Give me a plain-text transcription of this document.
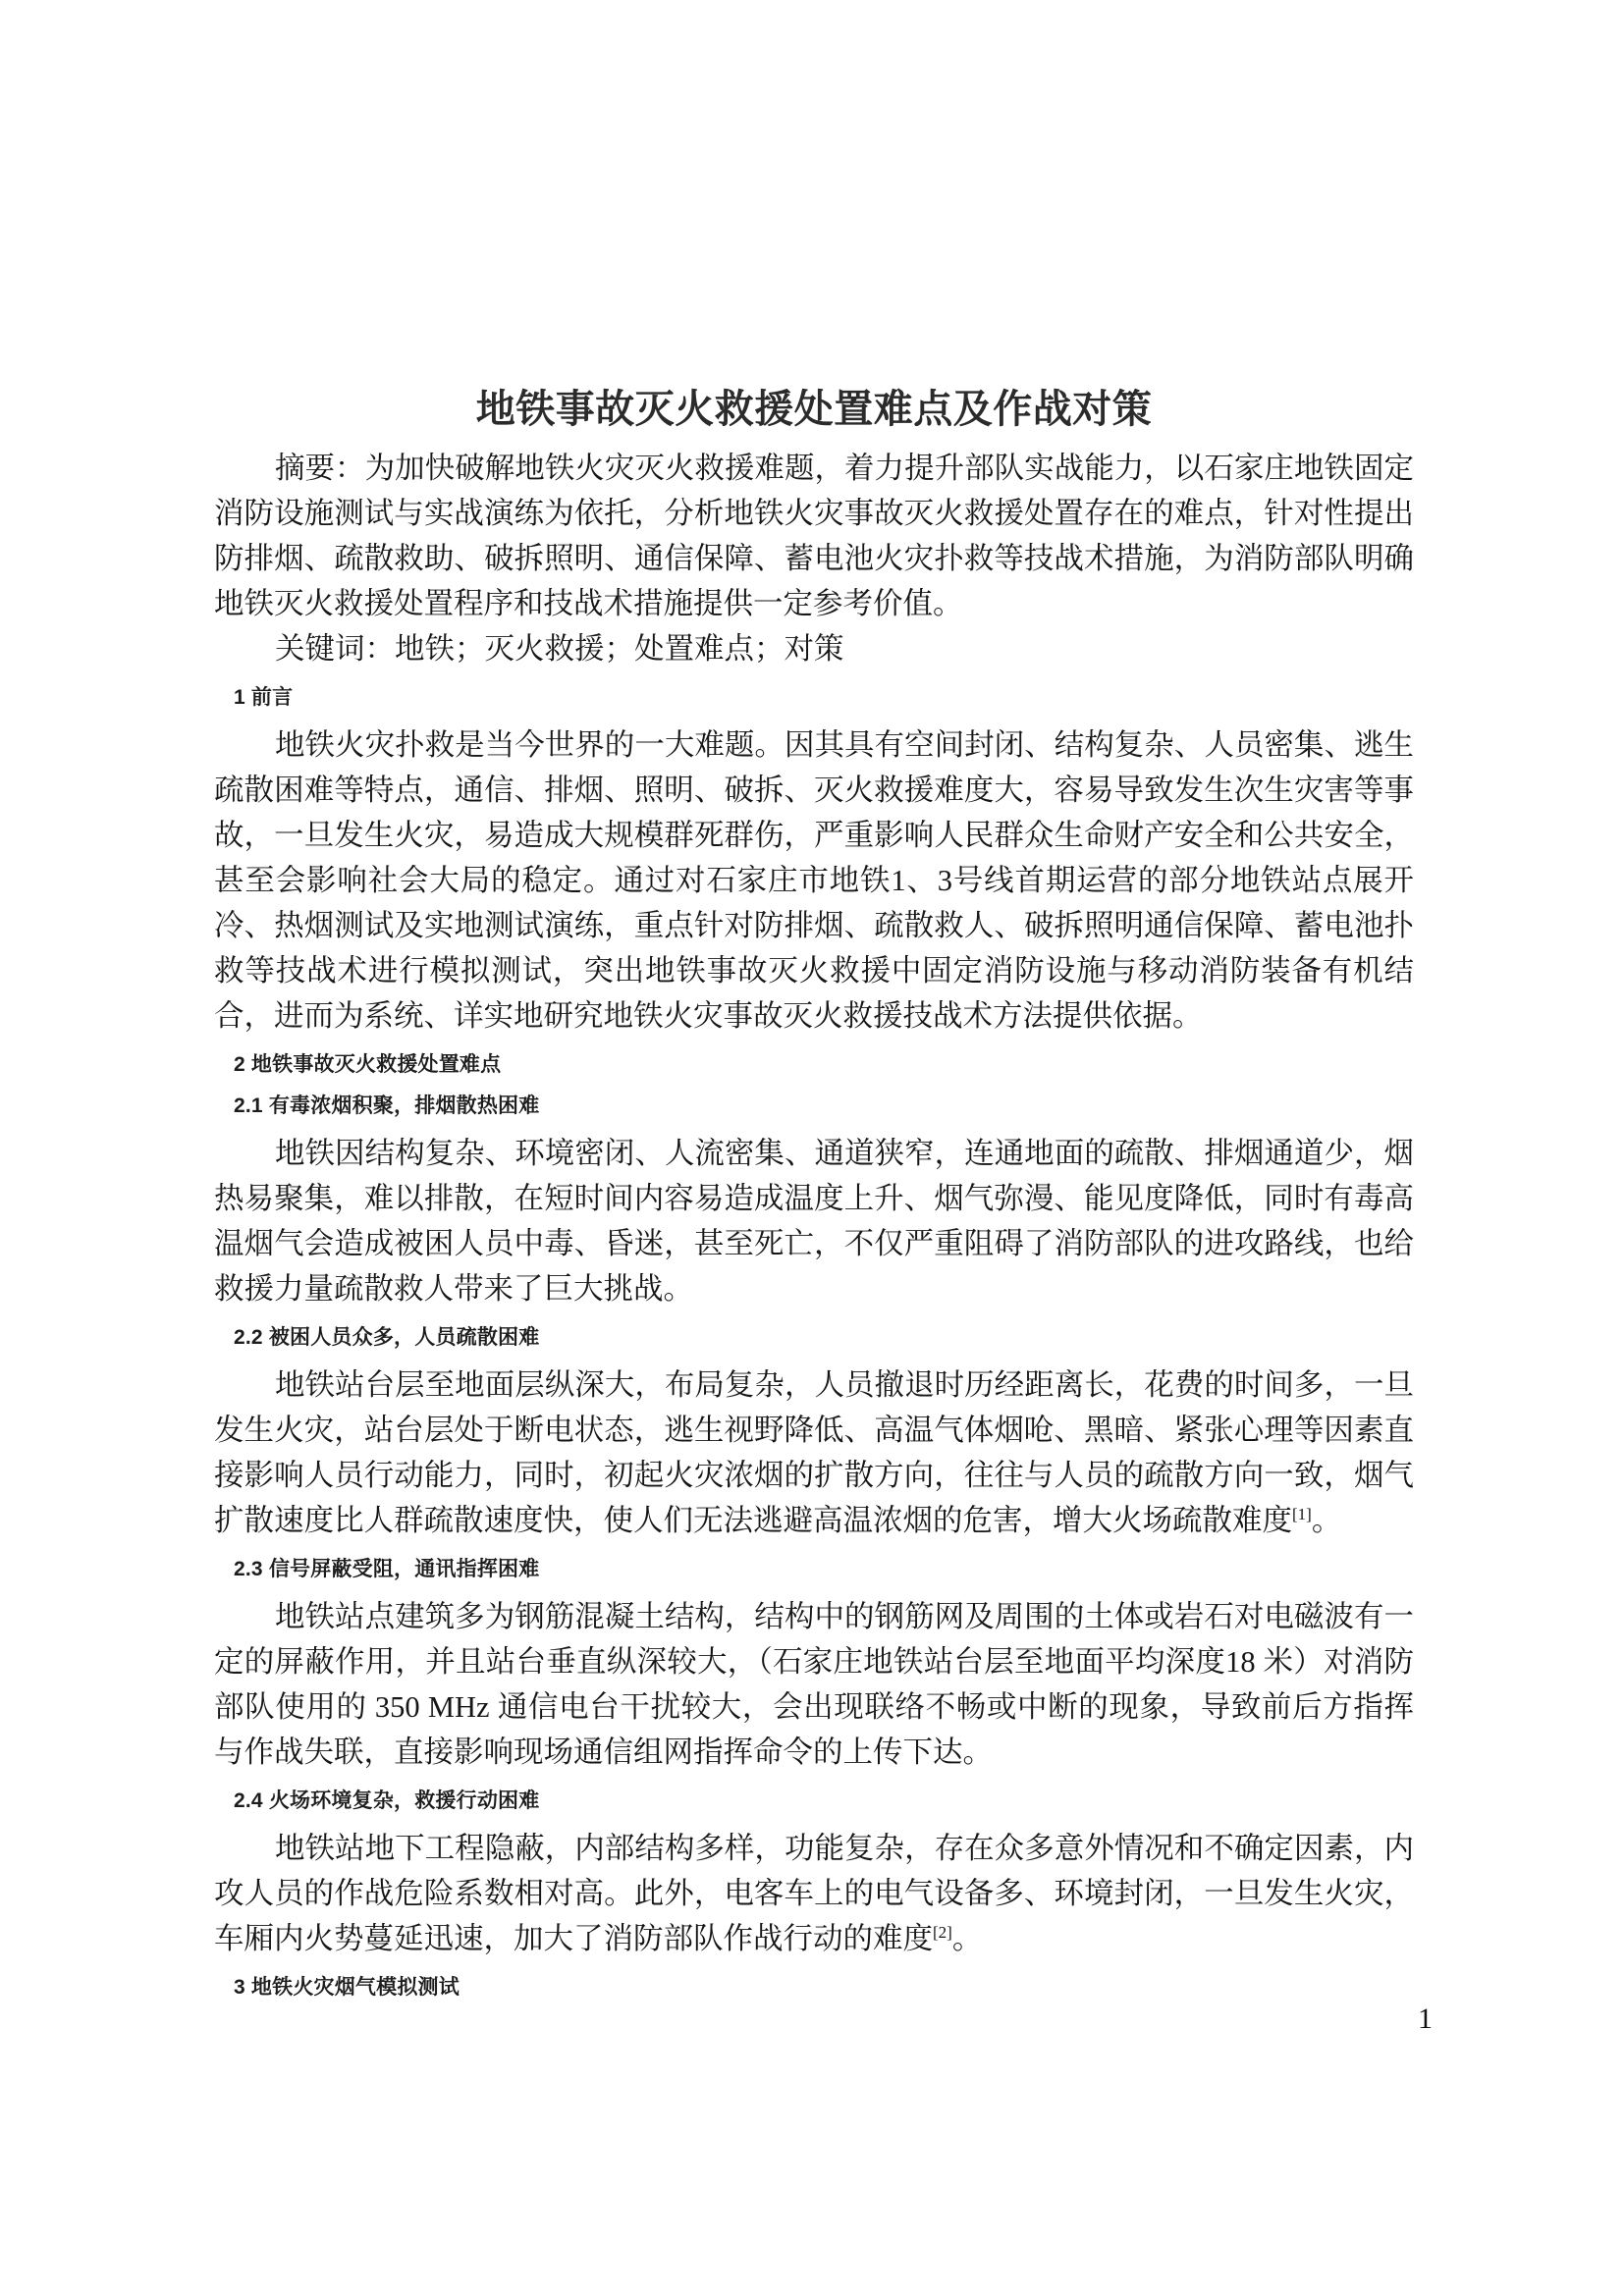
地铁事故灭火救援处置难点及作战对策

摘要：为加快破解地铁火灾灭火救援难题，着力提升部队实战能力，以石家庄地铁固定消防设施测试与实战演练为依托，分析地铁火灾事故灭火救援处置存在的难点，针对性提出防排烟、疏散救助、破拆照明、通信保障、蓄电池火灾扑救等技战术措施，为消防部队明确地铁灭火救援处置程序和技战术措施提供一定参考价值。

关键词：地铁；灭火救援；处置难点；对策

1 前言

地铁火灾扑救是当今世界的一大难题。因其具有空间封闭、结构复杂、人员密集、逃生疏散困难等特点，通信、排烟、照明、破拆、灭火救援难度大，容易导致发生次生灾害等事故，一旦发生火灾，易造成大规模群死群伤，严重影响人民群众生命财产安全和公共安全，甚至会影响社会大局的稳定。通过对石家庄市地铁1、3号线首期运营的部分地铁站点展开冷、热烟测试及实地测试演练，重点针对防排烟、疏散救人、破拆照明通信保障、蓄电池扑救等技战术进行模拟测试，突出地铁事故灭火救援中固定消防设施与移动消防装备有机结合，进而为系统、详实地研究地铁火灾事故灭火救援技战术方法提供依据。

2 地铁事故灭火救援处置难点
2.1 有毒浓烟积聚，排烟散热困难

地铁因结构复杂、环境密闭、人流密集、通道狭窄，连通地面的疏散、排烟通道少，烟热易聚集，难以排散，在短时间内容易造成温度上升、烟气弥漫、能见度降低，同时有毒高温烟气会造成被困人员中毒、昏迷，甚至死亡，不仅严重阻碍了消防部队的进攻路线，也给救援力量疏散救人带来了巨大挑战。

2.2 被困人员众多，人员疏散困难

地铁站台层至地面层纵深大，布局复杂，人员撤退时历经距离长，花费的时间多，一旦发生火灾，站台层处于断电状态，逃生视野降低、高温气体烟呛、黑暗、紧张心理等因素直接影响人员行动能力，同时，初起火灾浓烟的扩散方向，往往与人员的疏散方向一致，烟气扩散速度比人群疏散速度快，使人们无法逃避高温浓烟的危害，增大火场疏散难度[1]。

2.3 信号屏蔽受阻，通讯指挥困难

地铁站点建筑多为钢筋混凝土结构，结构中的钢筋网及周围的土体或岩石对电磁波有一定的屏蔽作用，并且站台垂直纵深较大，（石家庄地铁站台层至地面平均深度18 米）对消防部队使用的 350 MHz 通信电台干扰较大，会出现联络不畅或中断的现象，导致前后方指挥与作战失联，直接影响现场通信组网指挥命令的上传下达。

2.4 火场环境复杂，救援行动困难

地铁站地下工程隐蔽，内部结构多样，功能复杂，存在众多意外情况和不确定因素，内攻人员的作战危险系数相对高。此外，电客车上的电气设备多、环境封闭，一旦发生火灾，车厢内火势蔓延迅速，加大了消防部队作战行动的难度[2]。

3 地铁火灾烟气模拟测试
1
